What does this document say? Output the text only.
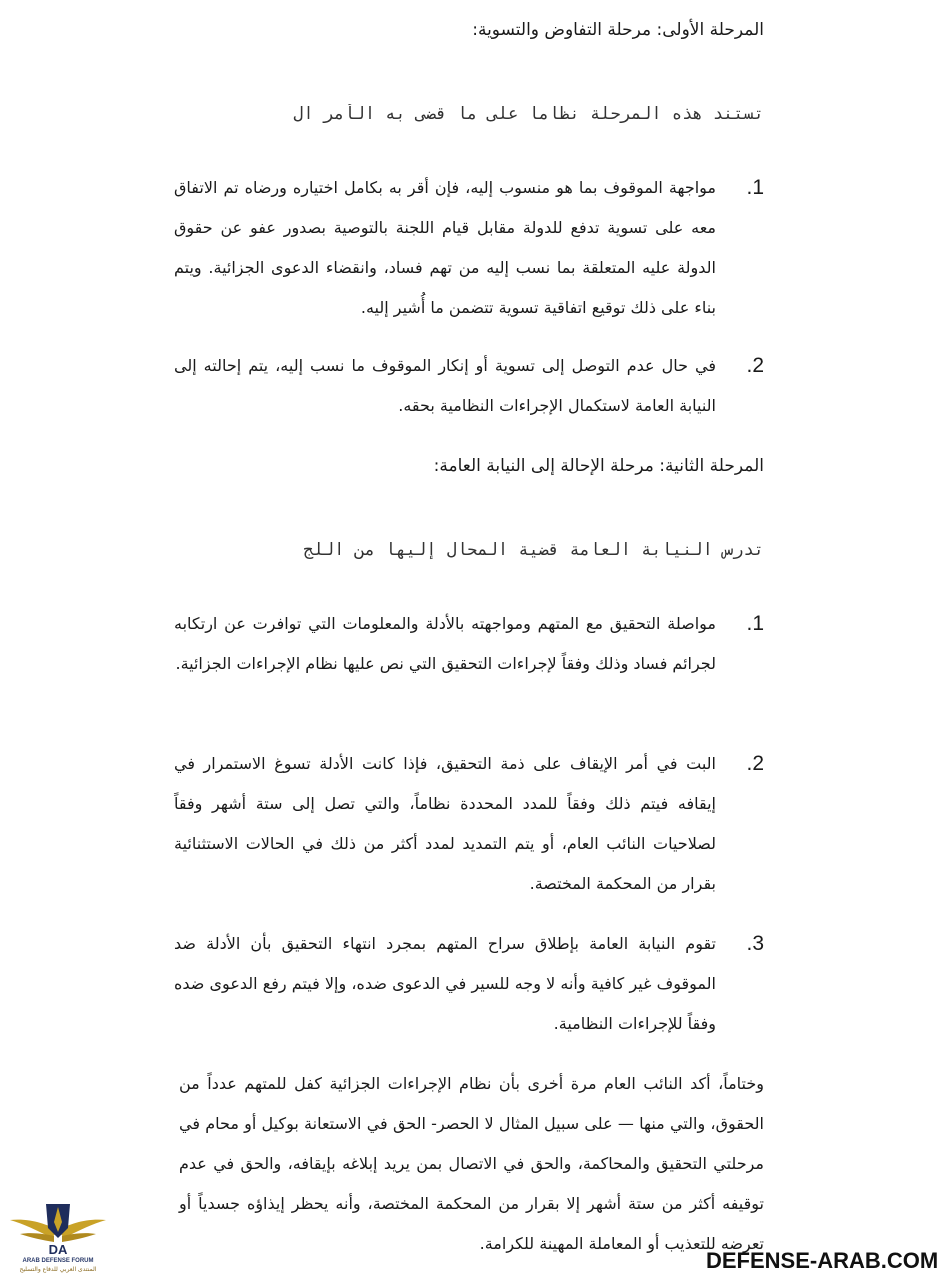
المرحلة الأولى: مرحلة التفاوض والتسوية:
تستند هذه المرحلة نظاماً على ما قضى به الأمر ال
1.
مواجهة الموقوف بما هو منسوب إليه، فإن أقر به بكامل اختياره ورضاه تم الاتفاق معه على تسوية تدفع للدولة مقابل قيام اللجنة بالتوصية بصدور عفو عن حقوق الدولة عليه المتعلقة بما نسب إليه من تهم فساد، وانقضاء الدعوى الجزائية. ويتم بناء على ذلك توقيع اتفاقية تسوية تتضمن ما أُشير إليه.
2.
في حال عدم التوصل إلى تسوية أو إنكار الموقوف ما نسب إليه، يتم إحالته إلى النيابة العامة لاستكمال الإجراءات النظامية بحقه.
المرحلة الثانية: مرحلة الإحالة إلى النيابة العامة:
تدرس النيابة العامة قضية المحال إليها من اللج
1.
مواصلة التحقيق مع المتهم ومواجهته بالأدلة والمعلومات التي توافرت عن ارتكابه لجرائم فساد وذلك وفقاً لإجراءات التحقيق التي نص عليها نظام الإجراءات الجزائية.
2.
البت في أمر الإيقاف على ذمة التحقيق، فإذا كانت الأدلة تسوغ الاستمرار في إيقافه فيتم ذلك وفقاً للمدد المحددة نظاماً، والتي تصل إلى ستة أشهر وفقاً لصلاحيات النائب العام، أو يتم التمديد لمدد أكثر من ذلك في الحالات الاستثنائية بقرار من المحكمة المختصة.
3.
تقوم النيابة العامة بإطلاق سراح المتهم بمجرد انتهاء التحقيق بأن الأدلة ضد الموقوف غير كافية وأنه لا وجه للسير في الدعوى ضده، وإلا فيتم رفع الدعوى ضده وفقاً للإجراءات النظامية.
وختاماً، أكد النائب العام مرة أخرى بأن نظام الإجراءات الجزائية كفل للمتهم عدداً من الحقوق، والتي منها — على سبيل المثال لا الحصر- الحق في الاستعانة بوكيل أو محام في مرحلتي التحقيق والمحاكمة، والحق في الاتصال بمن يريد إبلاغه بإيقافه، والحق في عدم توقيفه أكثر من ستة أشهر إلا بقرار من المحكمة المختصة، وأنه يحظر إيذاؤه جسدياً أو تعرضه للتعذيب أو المعاملة المهينة للكرامة.
DA
ARAB DEFENSE FORUM
المنتدى العربي للدفاع والتسليح	DEFENSE-ARAB.COM
